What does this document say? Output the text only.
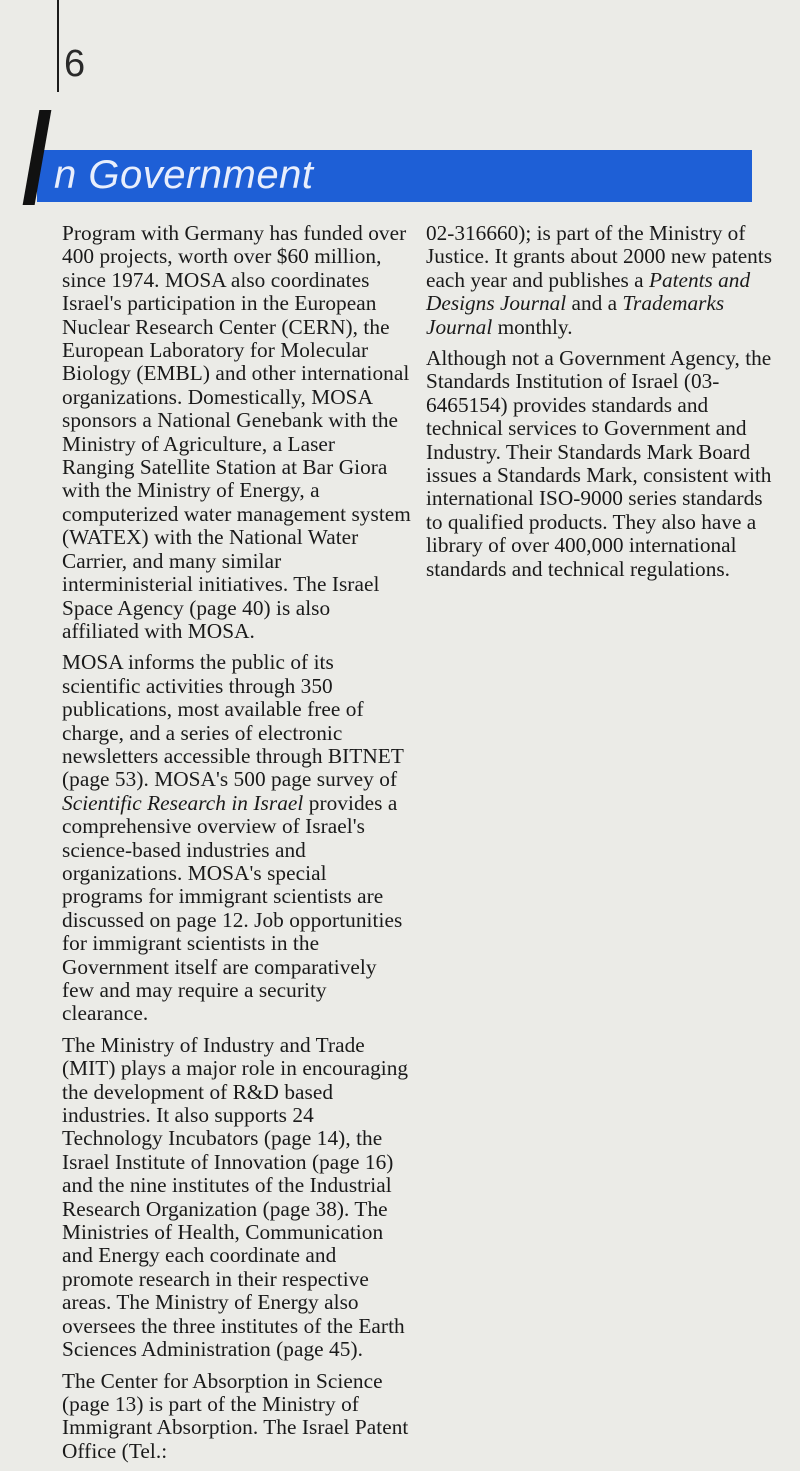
6
n Government

Program with Germany has funded over 400 projects, worth over $60 million, since 1974. MOSA also coordinates Israel's participation in the European Nuclear Research Center (CERN), the European Laboratory for Molecular Biology (EMBL) and other international organizations. Domestically, MOSA sponsors a National Genebank with the Ministry of Agriculture, a Laser Ranging Satellite Station at Bar Giora with the Ministry of Energy, a computerized water management system (WATEX) with the National Water Carrier, and many similar interministerial initiatives. The Israel Space Agency (page 40) is also affiliated with MOSA.

MOSA informs the public of its scientific activities through 350 publications, most available free of charge, and a series of electronic newsletters accessible through BITNET (page 53). MOSA's 500 page survey of Scientific Research in Israel provides a comprehensive overview of Israel's science-based industries and organizations. MOSA's special programs for immigrant scientists are discussed on page 12. Job opportunities for immigrant scientists in the Government itself are comparatively few and may require a security clearance.

The Ministry of Industry and Trade (MIT) plays a major role in encouraging the development of R&D based industries. It also supports 24 Technology Incubators (page 14), the Israel Institute of Innovation (page 16) and the nine institutes of the Industrial Research Organization (page 38). The Ministries of Health, Communication and Energy each coordinate and promote research in their respective areas. The Ministry of Energy also oversees the three institutes of the Earth Sciences Administration (page 45).

The Center for Absorption in Science (page 13) is part of the Ministry of Immigrant Absorption. The Israel Patent Office (Tel.:

02-316660); is part of the Ministry of Justice. It grants about 2000 new patents each year and publishes a Patents and Designs Journal and a Trademarks Journal monthly.

Although not a Government Agency, the Standards Institution of Israel (03-6465154) provides standards and technical services to Government and Industry. Their Standards Mark Board issues a Standards Mark, consistent with international ISO-9000 series standards to qualified products. They also have a library of over 400,000 international standards and technical regulations.
